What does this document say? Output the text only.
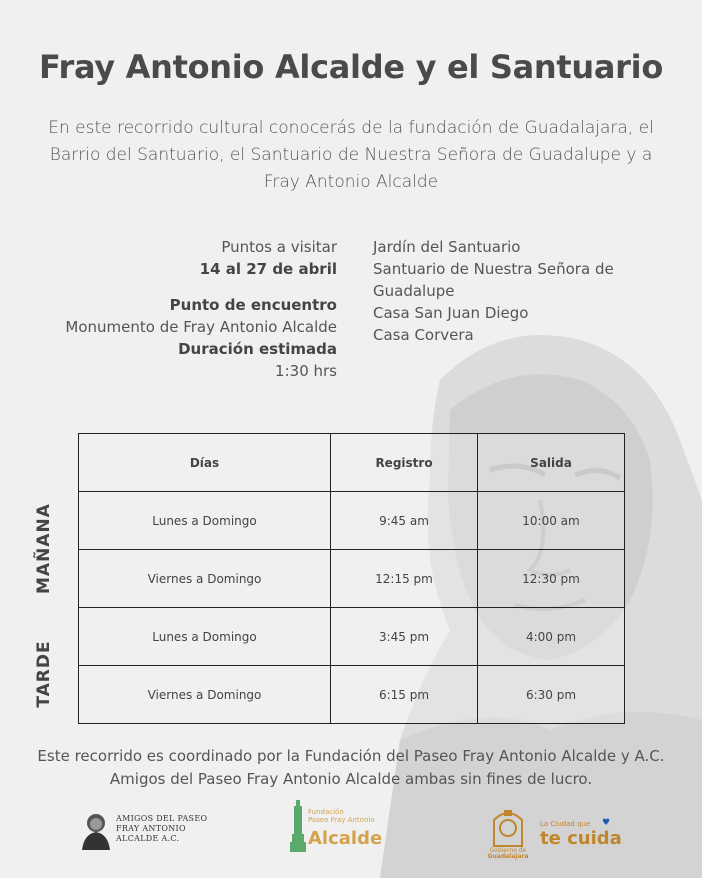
Fray Antonio Alcalde y el Santuario
En este recorrido cultural conocerás de la fundación de Guadalajara, el Barrio del Santuario, el Santuario de Nuestra Señora de Guadalupe y a Fray Antonio Alcalde
Puntos a visitar
14 al 27 de abril
Punto de encuentro
Monumento de Fray Antonio Alcalde
Duración estimada
1:30 hrs
Jardín del Santuario
Santuario de Nuestra Señora de Guadalupe
Casa San Juan Diego
Casa Corvera
Días	Registro	Salida
Lunes a Domingo	9:45 am	10:00 am
Viernes a Domingo	12:15 pm	12:30 pm
Lunes a Domingo	3:45 pm	4:00 pm
Viernes a Domingo	6:15 pm	6:30 pm
MAÑANA
TARDE
Este recorrido es coordinado por la Fundación del Paseo Fray Antonio Alcalde y A.C. Amigos del Paseo Fray Antonio Alcalde ambas sin fines de lucro.
AMIGOS DEL PASEO
FRAY ANTONIO
ALCALDE A.C.
Fundación
Paseo Fray Antonio
Alcalde
Gobierno de
Guadalajara
La Ciudad que ♥
te cuida
